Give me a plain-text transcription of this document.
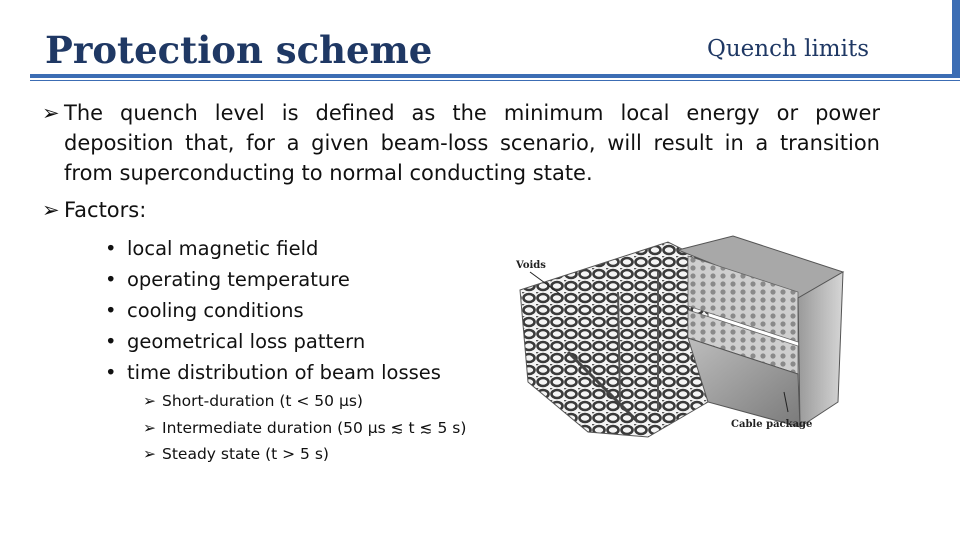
Protection scheme	Quench limits
➢ The quench level is defined as the minimum local energy or power deposition that, for a given beam-loss scenario, will result in a transition from superconducting to normal conducting state.
➢ Factors:
• local magnetic field
• operating temperature
• cooling conditions
• geometrical loss pattern
• time distribution of beam losses
➢ Short-duration (t < 50 µs)
➢ Intermediate duration (50 µs ≲ t ≲ 5 s)
➢ Steady state (t > 5 s)
Voids
Cable package
